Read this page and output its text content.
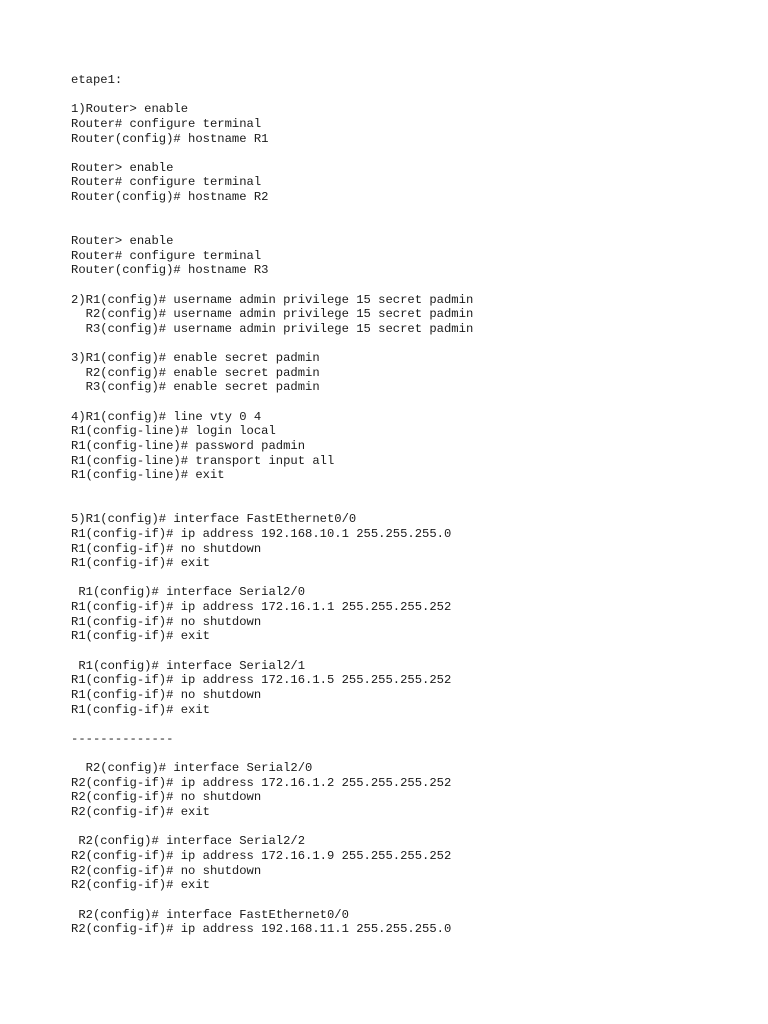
etape1:
1)Router> enable
Router# configure terminal
Router(config)# hostname R1
Router> enable
Router# configure terminal
Router(config)# hostname R2
Router> enable
Router# configure terminal
Router(config)# hostname R3
2)R1(config)# username admin privilege 15 secret padmin
R2(config)# username admin privilege 15 secret padmin
R3(config)# username admin privilege 15 secret padmin
3)R1(config)# enable secret padmin
R2(config)# enable secret padmin
R3(config)# enable secret padmin
4)R1(config)# line vty 0 4
R1(config-line)# login local
R1(config-line)# password padmin
R1(config-line)# transport input all
R1(config-line)# exit
5)R1(config)# interface FastEthernet0/0
R1(config-if)# ip address 192.168.10.1 255.255.255.0
R1(config-if)# no shutdown
R1(config-if)# exit
R1(config)# interface Serial2/0
R1(config-if)# ip address 172.16.1.1 255.255.255.252
R1(config-if)# no shutdown
R1(config-if)# exit
R1(config)# interface Serial2/1
R1(config-if)# ip address 172.16.1.5 255.255.255.252
R1(config-if)# no shutdown
R1(config-if)# exit
--------------
R2(config)# interface Serial2/0
R2(config-if)# ip address 172.16.1.2 255.255.255.252
R2(config-if)# no shutdown
R2(config-if)# exit
R2(config)# interface Serial2/2
R2(config-if)# ip address 172.16.1.9 255.255.255.252
R2(config-if)# no shutdown
R2(config-if)# exit
R2(config)# interface FastEthernet0/0
R2(config-if)# ip address 192.168.11.1 255.255.255.0
